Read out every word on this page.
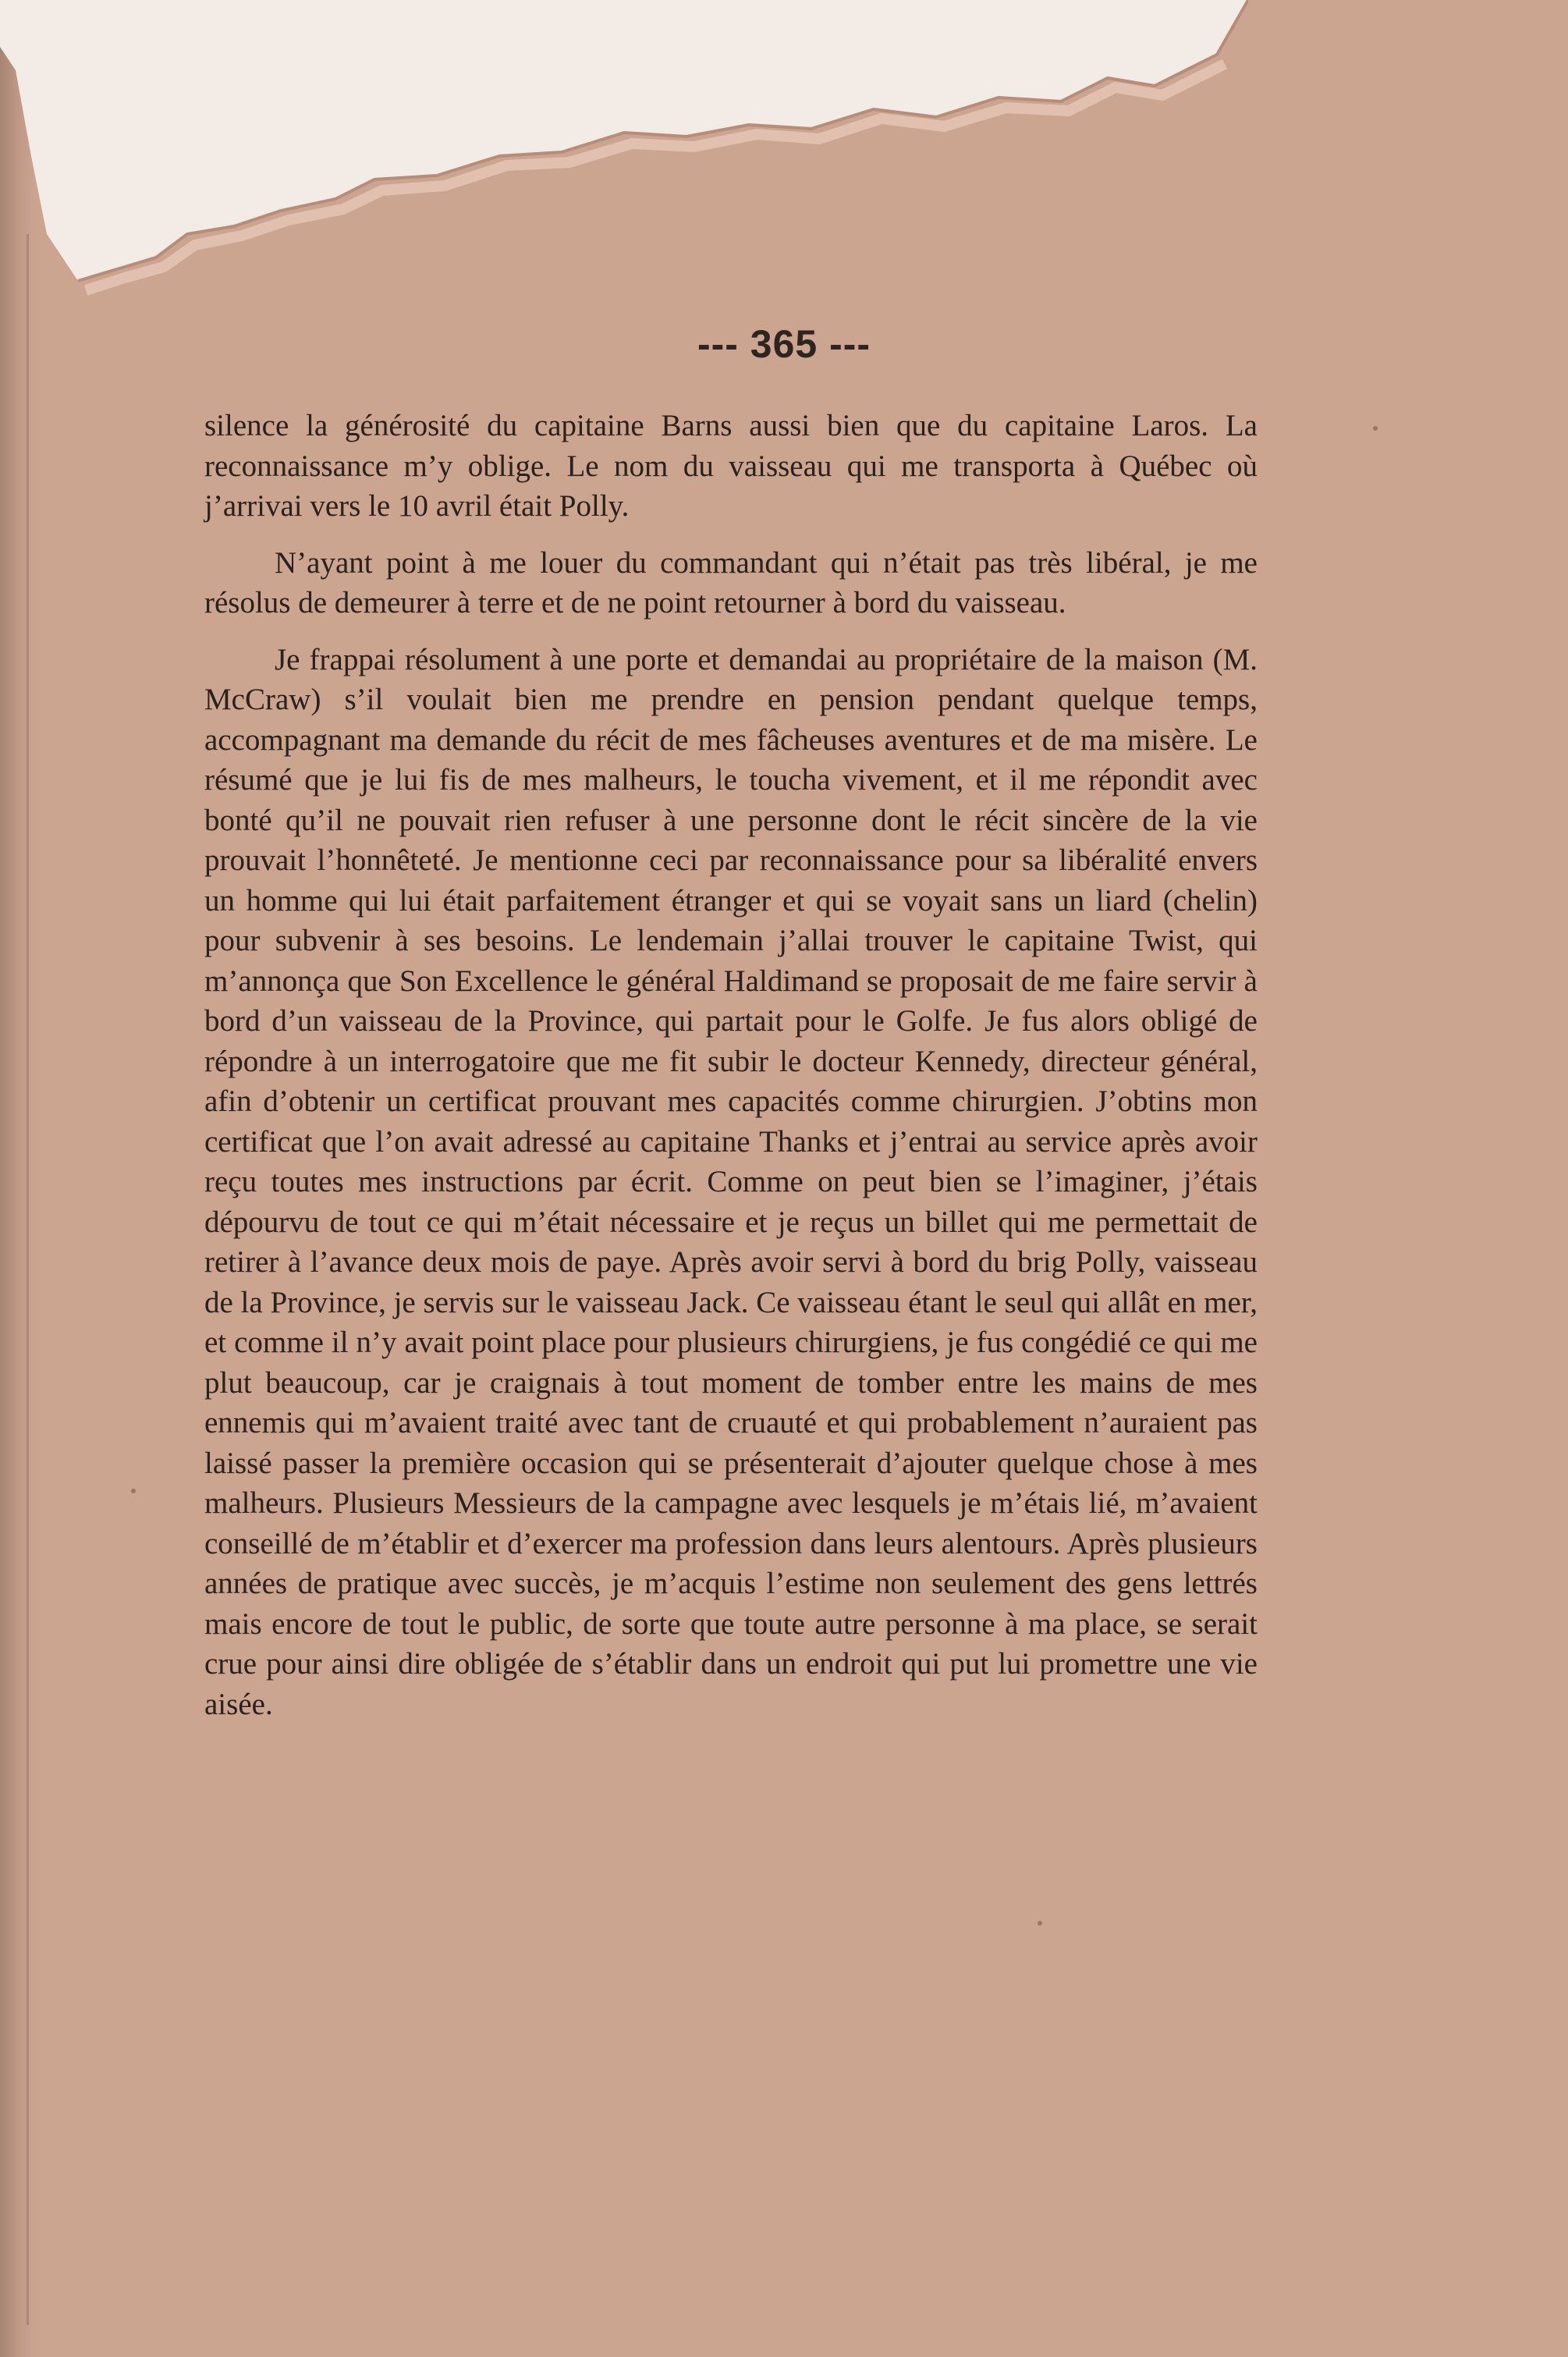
--- 365 ---

silence la générosité du capitaine Barns aussi bien que du capitaine Laros. La reconnaissance m’y oblige. Le nom du vaisseau qui me transporta à Québec où j’arrivai vers le 10 avril était Polly.

N’ayant point à me louer du commandant qui n’était pas très libéral, je me résolus de demeurer à terre et de ne point retourner à bord du vaisseau.

Je frappai résolument à une porte et demandai au propriétaire de la maison (M. McCraw) s’il voulait bien me prendre en pension pendant quelque temps, accompagnant ma demande du récit de mes fâcheuses aventures et de ma misère. Le résumé que je lui fis de mes malheurs, le toucha vivement, et il me répondit avec bonté qu’il ne pouvait rien refuser à une personne dont le récit sincère de la vie prouvait l’honnêteté. Je mentionne ceci par reconnaissance pour sa libéralité envers un homme qui lui était parfaitement étranger et qui se voyait sans un liard (chelin) pour subvenir à ses besoins. Le lendemain j’allai trouver le capitaine Twist, qui m’annonça que Son Excellence le général Haldimand se proposait de me faire servir à bord d’un vaisseau de la Province, qui partait pour le Golfe. Je fus alors obligé de répondre à un interrogatoire que me fit subir le docteur Kennedy, directeur général, afin d’obtenir un certificat prouvant mes capacités comme chirurgien. J’obtins mon certificat que l’on avait adressé au capitaine Thanks et j’entrai au service après avoir reçu toutes mes instructions par écrit. Comme on peut bien se l’imaginer, j’étais dépourvu de tout ce qui m’était nécessaire et je reçus un billet qui me permettait de retirer à l’avance deux mois de paye. Après avoir servi à bord du brig Polly, vaisseau de la Province, je servis sur le vaisseau Jack. Ce vaisseau étant le seul qui allât en mer, et comme il n’y avait point place pour plusieurs chirurgiens, je fus congédié ce qui me plut beaucoup, car je craignais à tout moment de tomber entre les mains de mes ennemis qui m’avaient traité avec tant de cruauté et qui probablement n’auraient pas laissé passer la première occasion qui se présenterait d’ajouter quelque chose à mes malheurs. Plusieurs Messieurs de la campagne avec lesquels je m’étais lié, m’avaient conseillé de m’établir et d’exercer ma profession dans leurs alentours. Après plusieurs années de pratique avec succès, je m’acquis l’estime non seulement des gens lettrés mais encore de tout le public, de sorte que toute autre personne à ma place, se serait crue pour ainsi dire obligée de s’établir dans un endroit qui put lui promettre une vie aisée.
